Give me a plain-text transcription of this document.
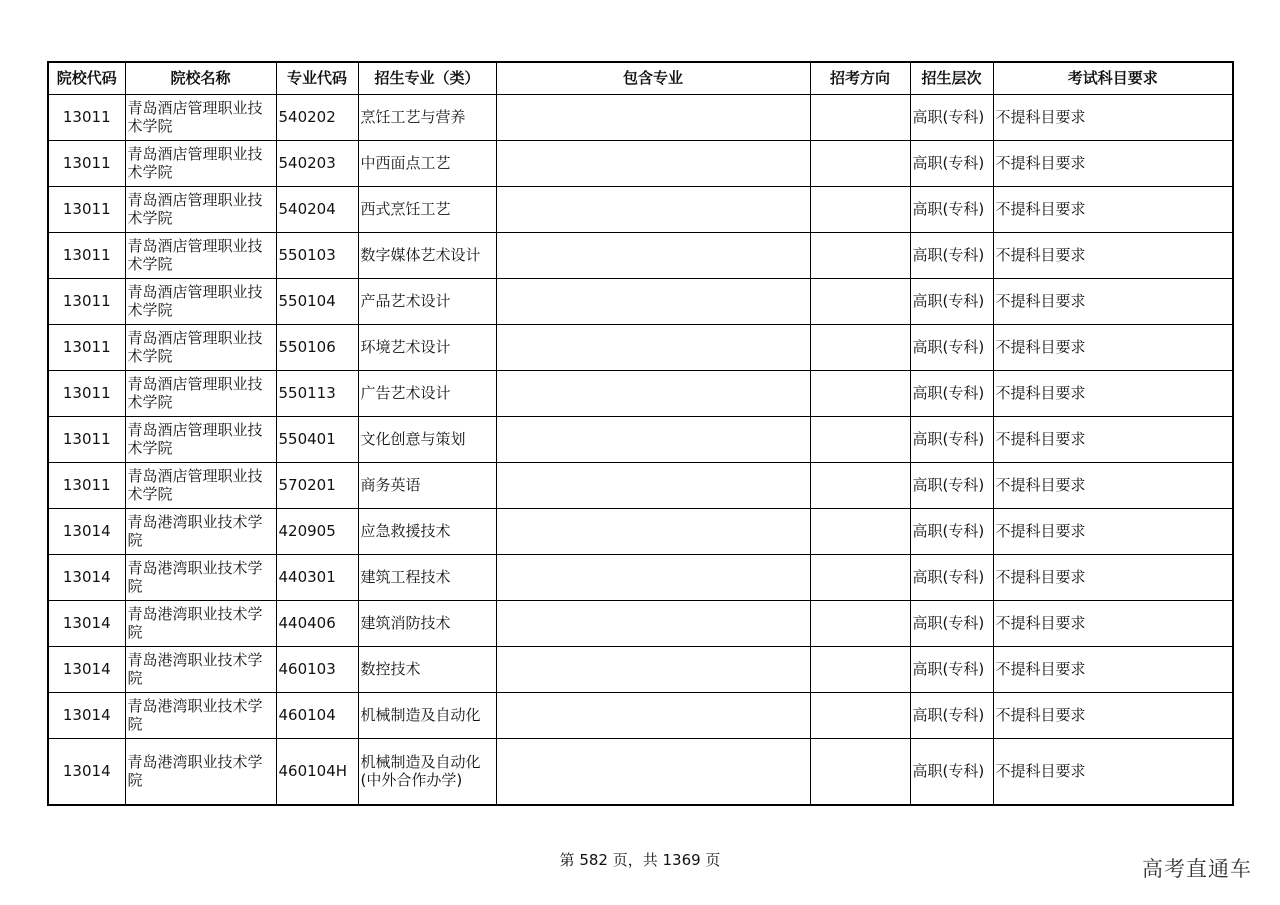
院校代码	院校名称	专业代码	招生专业（类）	包含专业	招考方向	招生层次	考试科目要求
13011	青岛酒店管理职业技术学院	540202	烹饪工艺与营养			高职(专科)	不提科目要求
13011	青岛酒店管理职业技术学院	540203	中西面点工艺			高职(专科)	不提科目要求
13011	青岛酒店管理职业技术学院	540204	西式烹饪工艺			高职(专科)	不提科目要求
13011	青岛酒店管理职业技术学院	550103	数字媒体艺术设计			高职(专科)	不提科目要求
13011	青岛酒店管理职业技术学院	550104	产品艺术设计			高职(专科)	不提科目要求
13011	青岛酒店管理职业技术学院	550106	环境艺术设计			高职(专科)	不提科目要求
13011	青岛酒店管理职业技术学院	550113	广告艺术设计			高职(专科)	不提科目要求
13011	青岛酒店管理职业技术学院	550401	文化创意与策划			高职(专科)	不提科目要求
13011	青岛酒店管理职业技术学院	570201	商务英语			高职(专科)	不提科目要求
13014	青岛港湾职业技术学院	420905	应急救援技术			高职(专科)	不提科目要求
13014	青岛港湾职业技术学院	440301	建筑工程技术			高职(专科)	不提科目要求
13014	青岛港湾职业技术学院	440406	建筑消防技术			高职(专科)	不提科目要求
13014	青岛港湾职业技术学院	460103	数控技术			高职(专科)	不提科目要求
13014	青岛港湾职业技术学院	460104	机械制造及自动化			高职(专科)	不提科目要求
13014	青岛港湾职业技术学院	460104H	机械制造及自动化(中外合作办学)			高职(专科)	不提科目要求
第 582 页，共 1369 页	高考直通车
